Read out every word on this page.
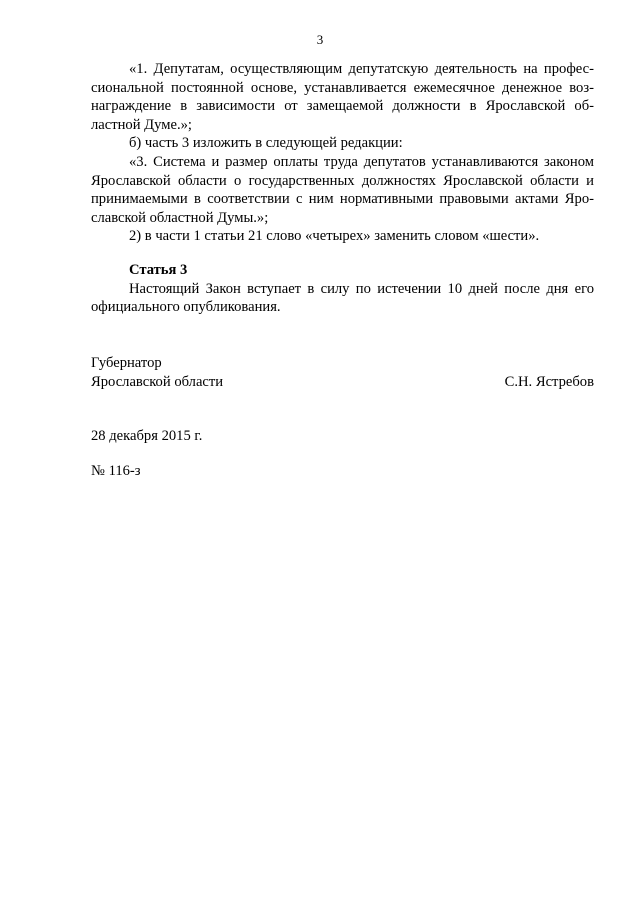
3

«1. Депутатам, осуществляющим депутатскую деятельность на профессиональной постоянной основе, устанавливается ежемесячное денежное вознаграждение в зависимости от замещаемой должности в Ярославской областной Думе.»;

б) часть 3 изложить в следующей редакции:

«3. Система и размер оплаты труда депутатов устанавливаются законом Ярославской области о государственных должностях Ярославской области и принимаемыми в соответствии с ним нормативными правовыми актами Ярославской областной Думы.»;

2) в части 1 статьи 21 слово «четырех» заменить словом «шести».

Статья 3

Настоящий Закон вступает в силу по истечении 10 дней после дня его официального опубликования.

Губернатор
Ярославской области	С.Н. Ястребов
28 декабря 2015 г.
№ 116-з
